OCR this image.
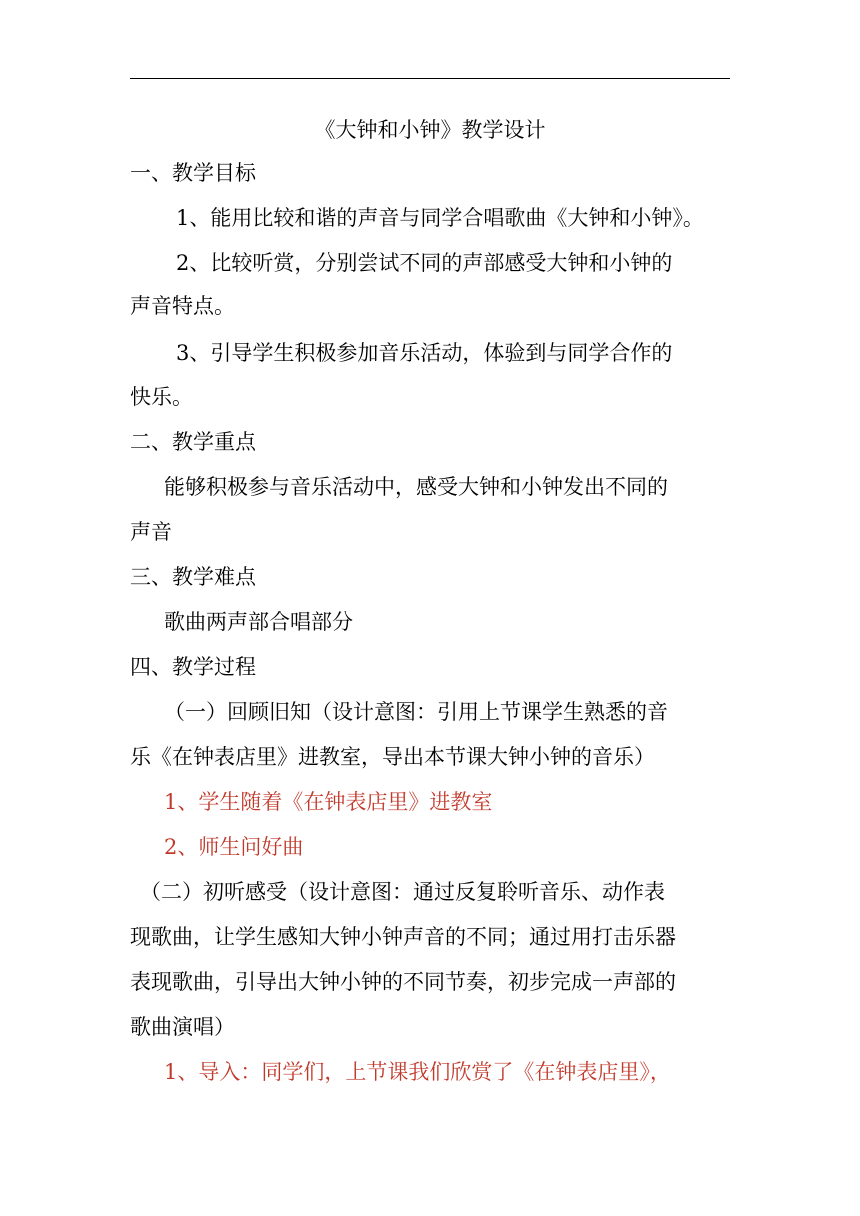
《大钟和小钟》教学设计
一、教学目标
1、能用比较和谐的声音与同学合唱歌曲《大钟和小钟》。
2、比较听赏，分别尝试不同的声部感受大钟和小钟的
声音特点。
3、引导学生积极参加音乐活动，体验到与同学合作的
快乐。
二、教学重点
能够积极参与音乐活动中，感受大钟和小钟发出不同的
声音
三、教学难点
歌曲两声部合唱部分
四、教学过程
（一）回顾旧知（设计意图：引用上节课学生熟悉的音
乐《在钟表店里》进教室，导出本节课大钟小钟的音乐）
1、学生随着《在钟表店里》进教室
2、师生问好曲
（二）初听感受（设计意图：通过反复聆听音乐、动作表
现歌曲，让学生感知大钟小钟声音的不同；通过用打击乐器
表现歌曲，引导出大钟小钟的不同节奏，初步完成一声部的
歌曲演唱）
1、导入：同学们，上节课我们欣赏了《在钟表店里》，
